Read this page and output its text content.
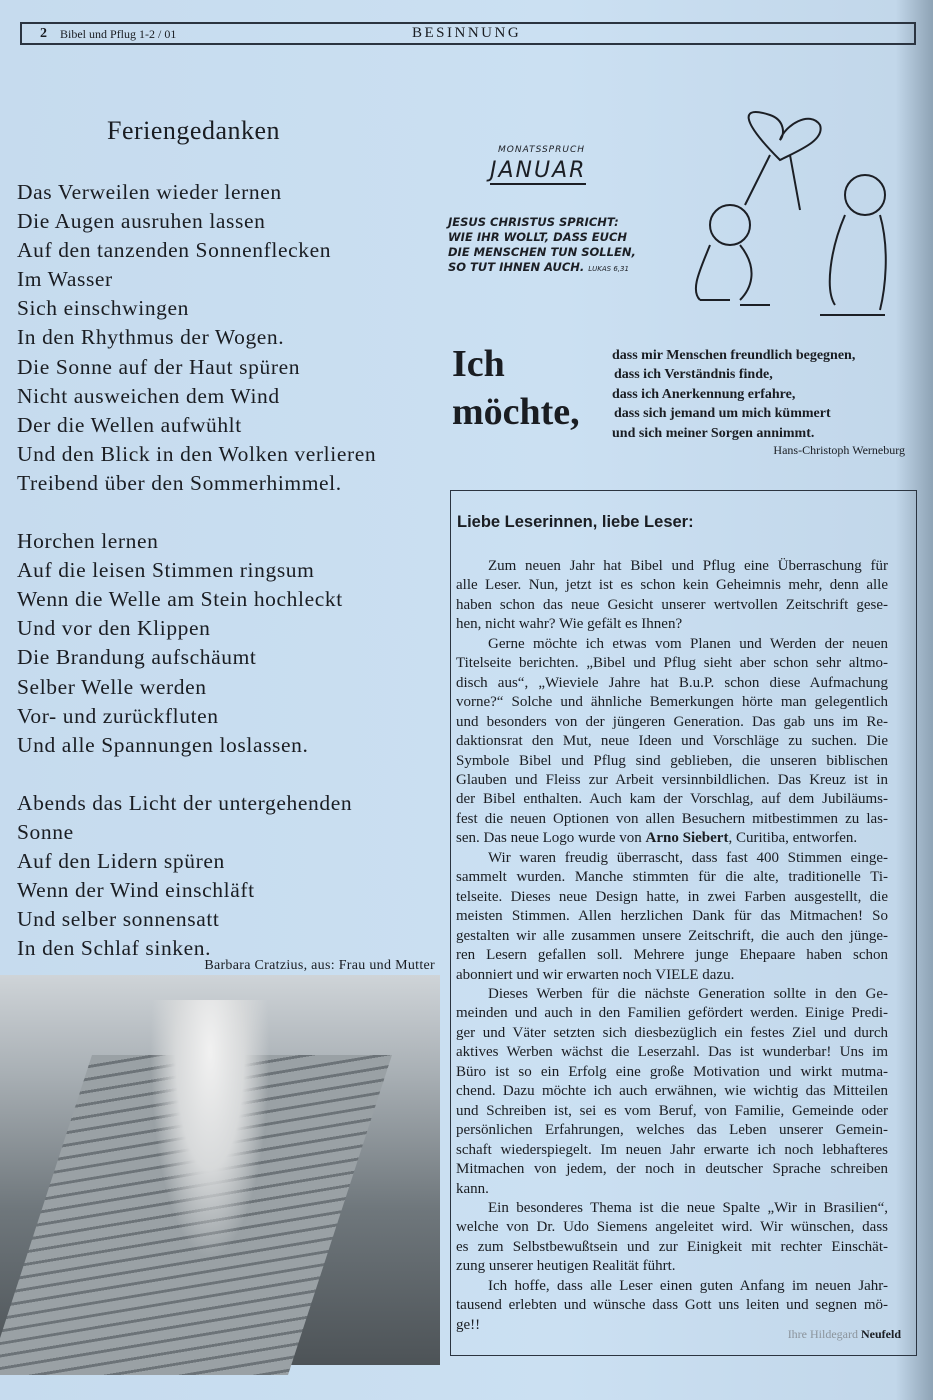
2 Bibel und Pflug 1-2 / 01	BESINNUNG
Feriengedanken
Das Verweilen wieder lernen
Die Augen ausruhen lassen
Auf den tanzenden Sonnenflecken
Im Wasser
Sich einschwingen
In den Rhythmus der Wogen.
Die Sonne auf der Haut spüren
Nicht ausweichen dem Wind
Der die Wellen aufwühlt
Und den Blick in den Wolken verlieren
Treibend über den Sommerhimmel.
Horchen lernen
Auf die leisen Stimmen ringsum
Wenn die Welle am Stein hochleckt
Und vor den Klippen
Die Brandung aufschäumt
Selber Welle werden
Vor- und zurückfluten
Und alle Spannungen loslassen.
Abends das Licht der untergehenden
Sonne
Auf den Lidern spüren
Wenn der Wind einschläft
Und selber sonnensatt
In den Schlaf sinken.
Barbara Cratzius, aus: Frau und Mutter
MONATSSPRUCH
JANUAR
JESUS CHRISTUS SPRICHT:
WIE IHR WOLLT, DASS EUCH
DIE MENSCHEN TUN SOLLEN,
SO TUT IHNEN AUCH. LUKAS 6,31
Ich
möchte,
dass mir Menschen freundlich begegnen,
dass ich Verständnis finde,
dass ich Anerkennung erfahre,
dass sich jemand um mich kümmert
und sich meiner Sorgen annimmt.
Hans-Christoph Werneburg
Liebe Leserinnen, liebe Leser:
Zum neuen Jahr hat Bibel und Pflug eine Überraschung für
alle Leser. Nun, jetzt ist es schon kein Geheimnis mehr, denn alle
haben schon das neue Gesicht unserer wertvollen Zeitschrift gese-
hen, nicht wahr? Wie gefält es Ihnen?
Gerne möchte ich etwas vom Planen und Werden der neuen
Titelseite berichten. „Bibel und Pflug sieht aber schon sehr altmo-
disch aus“, „Wieviele Jahre hat B.u.P. schon diese Aufmachung
vorne?“ Solche und ähnliche Bemerkungen hörte man gelegentlich
und besonders von der jüngeren Generation. Das gab uns im Re-
daktionsrat den Mut, neue Ideen und Vorschläge zu suchen. Die
Symbole Bibel und Pflug sind geblieben, die unseren biblischen
Glauben und Fleiss zur Arbeit versinnbildlichen. Das Kreuz ist in
der Bibel enthalten. Auch kam der Vorschlag, auf dem Jubiläums-
fest die neuen Optionen von allen Besuchern mitbestimmen zu las-
sen. Das neue Logo wurde von Arno Siebert, Curitiba, entworfen.
Wir waren freudig überrascht, dass fast 400 Stimmen einge-
sammelt wurden. Manche stimmten für die alte, traditionelle Ti-
telseite. Dieses neue Design hatte, in zwei Farben ausgestellt, die
meisten Stimmen. Allen herzlichen Dank für das Mitmachen! So
gestalten wir alle zusammen unsere Zeitschrift, die auch den jünge-
ren Lesern gefallen soll. Mehrere junge Ehepaare haben schon
abonniert und wir erwarten noch VIELE dazu.
Dieses Werben für die nächste Generation sollte in den Ge-
meinden und auch in den Familien gefördert werden. Einige Predi-
ger und Väter setzten sich diesbezüglich ein festes Ziel und durch
aktives Werben wächst die Leserzahl. Das ist wunderbar! Uns im
Büro ist so ein Erfolg eine große Motivation und wirkt mutma-
chend. Dazu möchte ich auch erwähnen, wie wichtig das Mitteilen
und Schreiben ist, sei es vom Beruf, von Familie, Gemeinde oder
persönlichen Erfahrungen, welches das Leben unserer Gemein-
schaft wiederspiegelt. Im neuen Jahr erwarte ich noch lebhafteres
Mitmachen von jedem, der noch in deutscher Sprache schreiben
kann.
Ein besonderes Thema ist die neue Spalte „Wir in Brasilien“,
welche von Dr. Udo Siemens angeleitet wird. Wir wünschen, dass
es zum Selbstbewußtsein und zur Einigkeit mit rechter Einschät-
zung unserer heutigen Realität führt.
Ich hoffe, dass alle Leser einen guten Anfang im neuen Jahr-
tausend erlebten und wünsche dass Gott uns leiten und segnen mö-
ge!!
Ihre Hildegard Neufeld
